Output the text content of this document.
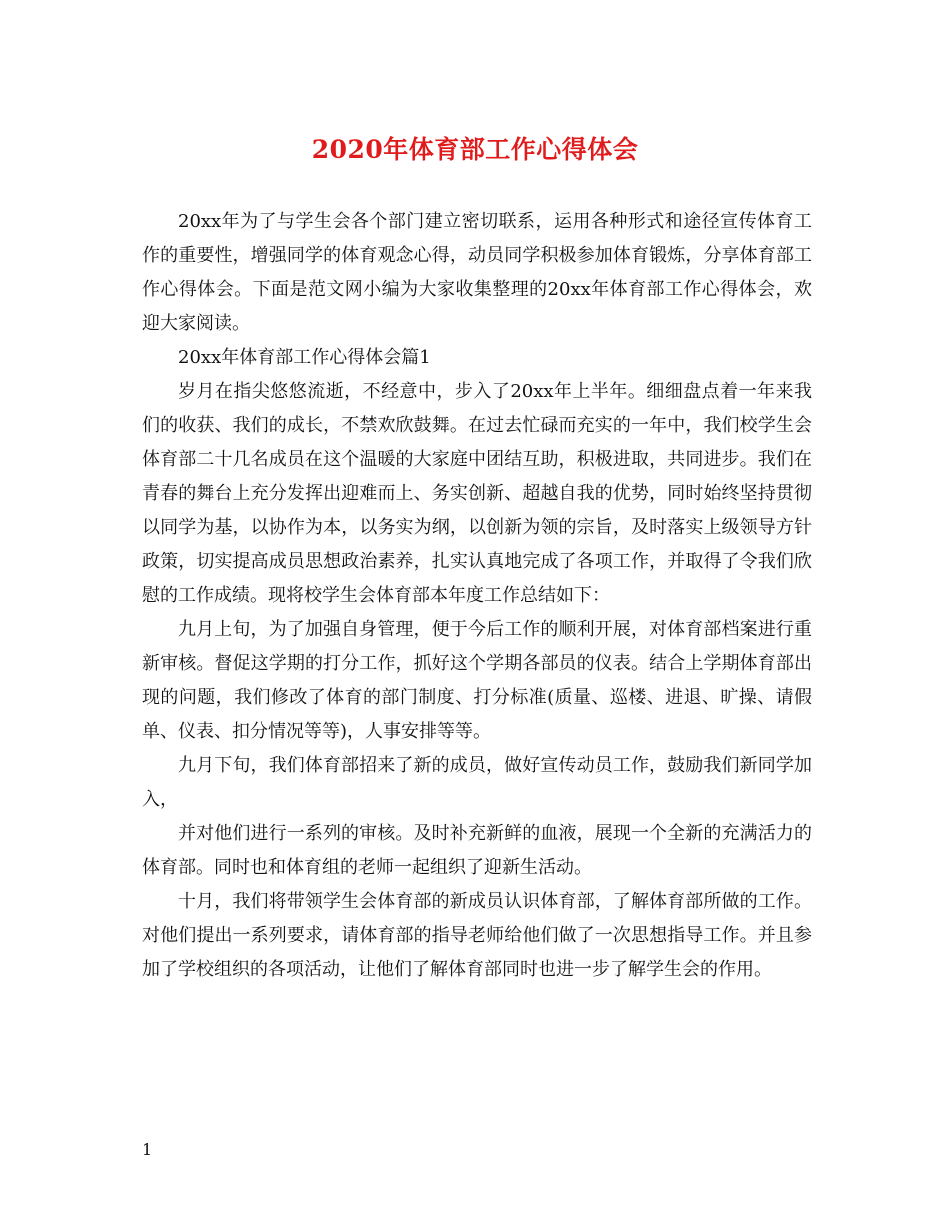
2020年体育部工作心得体会

20xx年为了与学生会各个部门建立密切联系，运用各种形式和途径宣传体育工作的重要性，增强同学的体育观念心得，动员同学积极参加体育锻炼，分享体育部工作心得体会。下面是范文网小编为大家收集整理的20xx年体育部工作心得体会，欢迎大家阅读。

20xx年体育部工作心得体会篇1

岁月在指尖悠悠流逝，不经意中，步入了20xx年上半年。细细盘点着一年来我们的收获、我们的成长，不禁欢欣鼓舞。在过去忙碌而充实的一年中，我们校学生会体育部二十几名成员在这个温暖的大家庭中团结互助，积极进取，共同进步。我们在青春的舞台上充分发挥出迎难而上、务实创新、超越自我的优势，同时始终坚持贯彻以同学为基，以协作为本，以务实为纲，以创新为领的宗旨，及时落实上级领导方针政策，切实提高成员思想政治素养，扎实认真地完成了各项工作，并取得了令我们欣慰的工作成绩。现将校学生会体育部本年度工作总结如下：

九月上旬，为了加强自身管理，便于今后工作的顺利开展，对体育部档案进行重新审核。督促这学期的打分工作，抓好这个学期各部员的仪表。结合上学期体育部出现的问题，我们修改了体育的部门制度、打分标准(质量、巡楼、进退、旷操、请假单、仪表、扣分情况等等)，人事安排等等。

九月下旬，我们体育部招来了新的成员，做好宣传动员工作，鼓励我们新同学加入，

并对他们进行一系列的审核。及时补充新鲜的血液，展现一个全新的充满活力的体育部。同时也和体育组的老师一起组织了迎新生活动。

十月，我们将带领学生会体育部的新成员认识体育部，了解体育部所做的工作。对他们提出一系列要求，请体育部的指导老师给他们做了一次思想指导工作。并且参加了学校组织的各项活动，让他们了解体育部同时也进一步了解学生会的作用。

1
